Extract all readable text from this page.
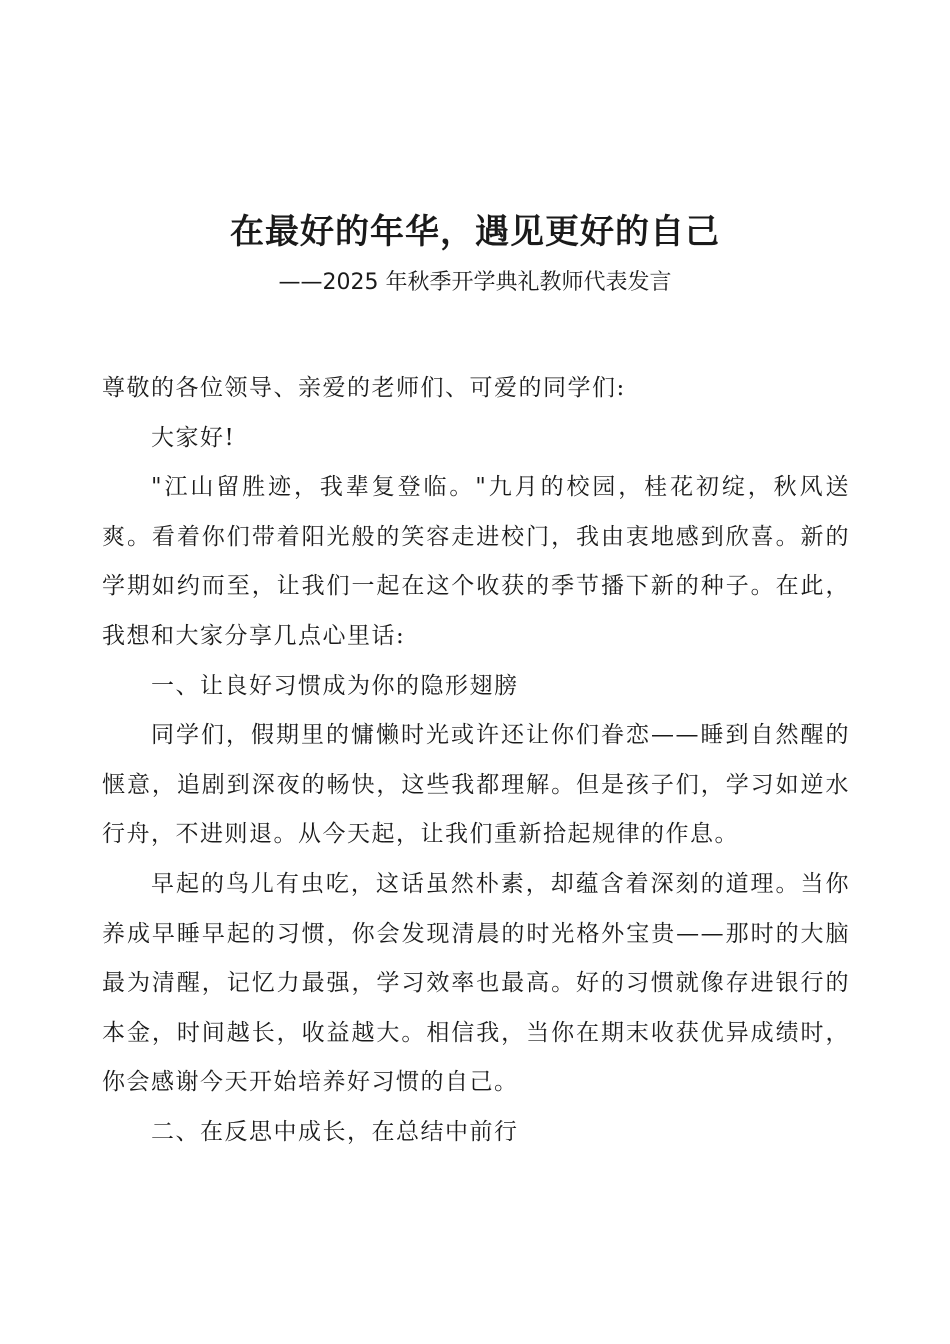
在最好的年华，遇见更好的自己
——2025 年秋季开学典礼教师代表发言

尊敬的各位领导、亲爱的老师们、可爱的同学们:

大家好!

"江山留胜迹，我辈复登临。"九月的校园，桂花初绽，秋风送爽。看着你们带着阳光般的笑容走进校门，我由衷地感到欣喜。新的学期如约而至，让我们一起在这个收获的季节播下新的种子。在此，我想和大家分享几点心里话:

一、让良好习惯成为你的隐形翅膀

同学们，假期里的慵懒时光或许还让你们眷恋——睡到自然醒的惬意，追剧到深夜的畅快，这些我都理解。但是孩子们，学习如逆水行舟，不进则退。从今天起，让我们重新拾起规律的作息。

早起的鸟儿有虫吃，这话虽然朴素，却蕴含着深刻的道理。当你养成早睡早起的习惯，你会发现清晨的时光格外宝贵——那时的大脑最为清醒，记忆力最强，学习效率也最高。好的习惯就像存进银行的本金，时间越长，收益越大。相信我，当你在期末收获优异成绩时，你会感谢今天开始培养好习惯的自己。

二、在反思中成长，在总结中前行
